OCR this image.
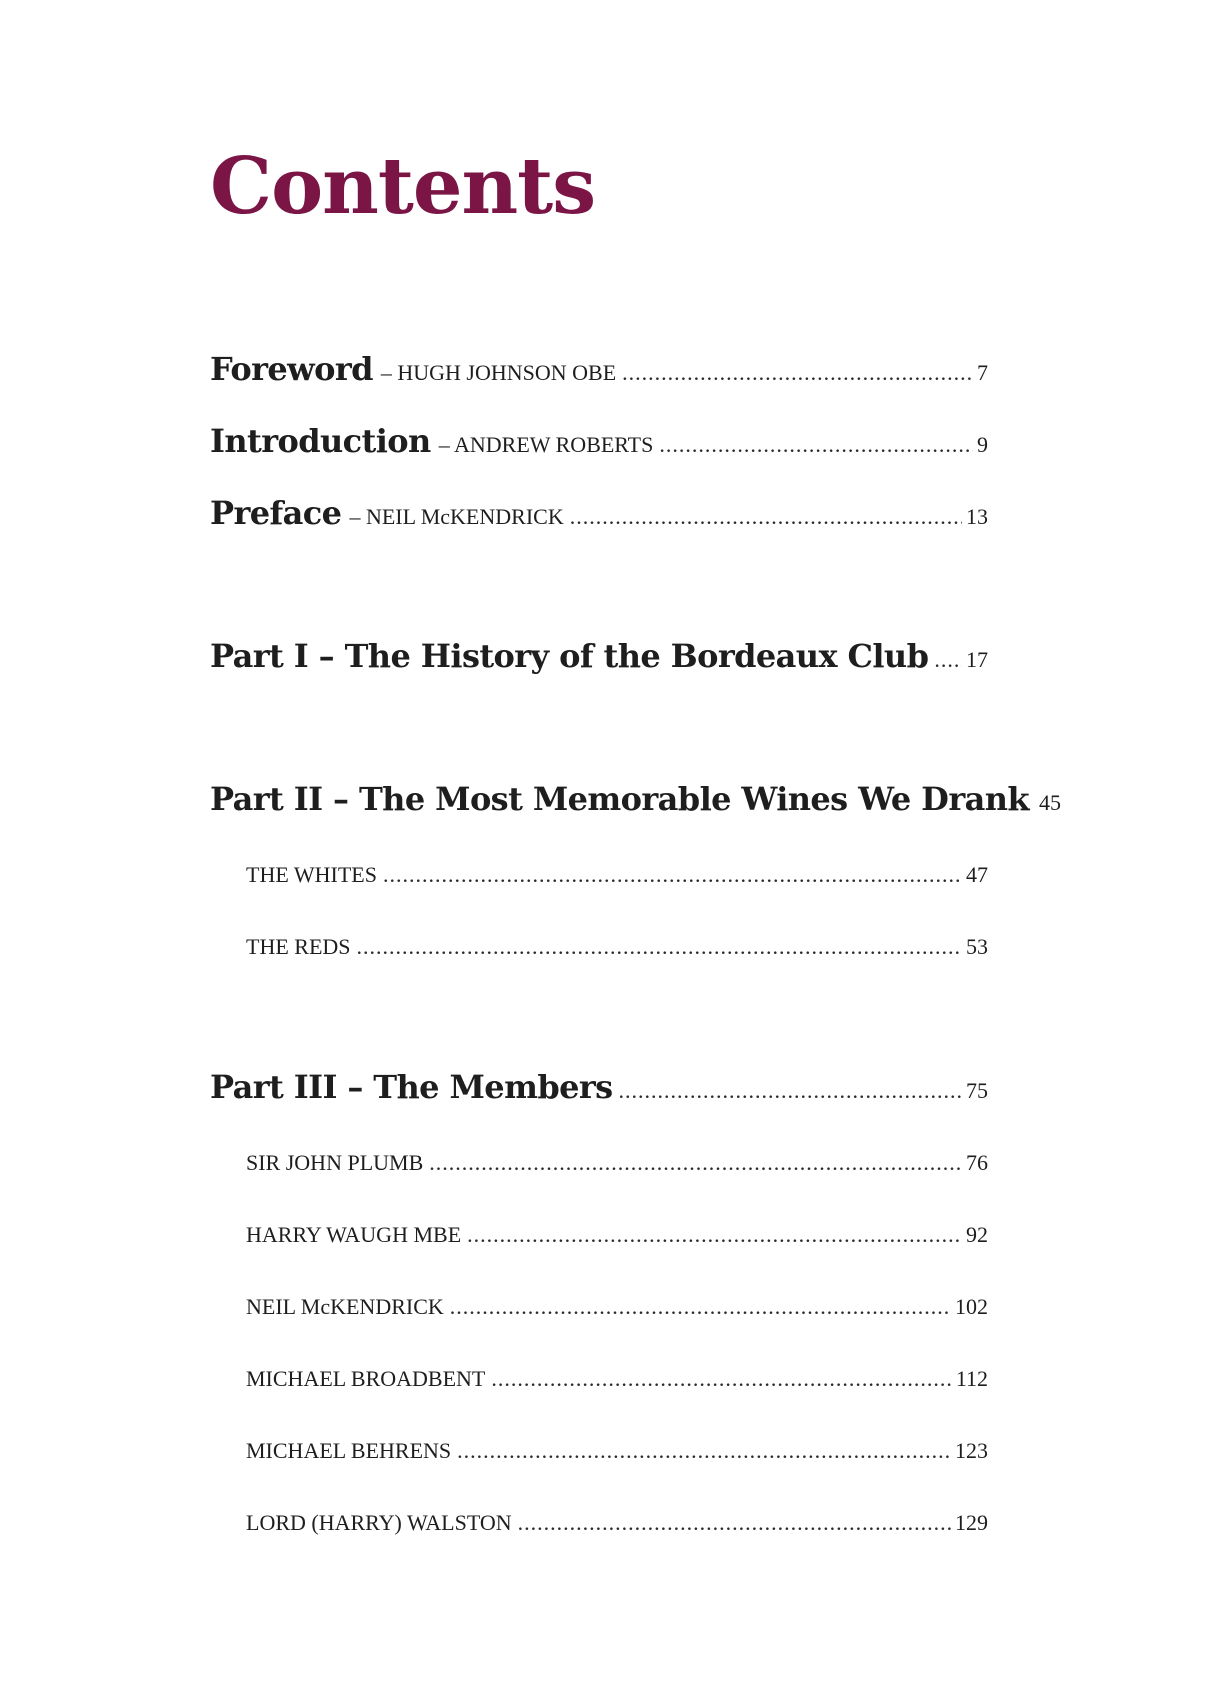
Contents
Foreword – HUGH JOHNSON OBE .....	7
Introduction – ANDREW ROBERTS .....	9
Preface – NEIL McKENDRICK .....	13
Part I – The History of the Bordeaux Club ..... 17
Part II – The Most Memorable Wines We Drank 45
THE WHITES .....	47
THE REDS .....	53
Part III – The Members .....	75
SIR JOHN PLUMB .....	76
HARRY WAUGH MBE .....	92
NEIL McKENDRICK .....	102
MICHAEL BROADBENT .....	112
MICHAEL BEHRENS .....	123
LORD (HARRY) WALSTON .....	129
